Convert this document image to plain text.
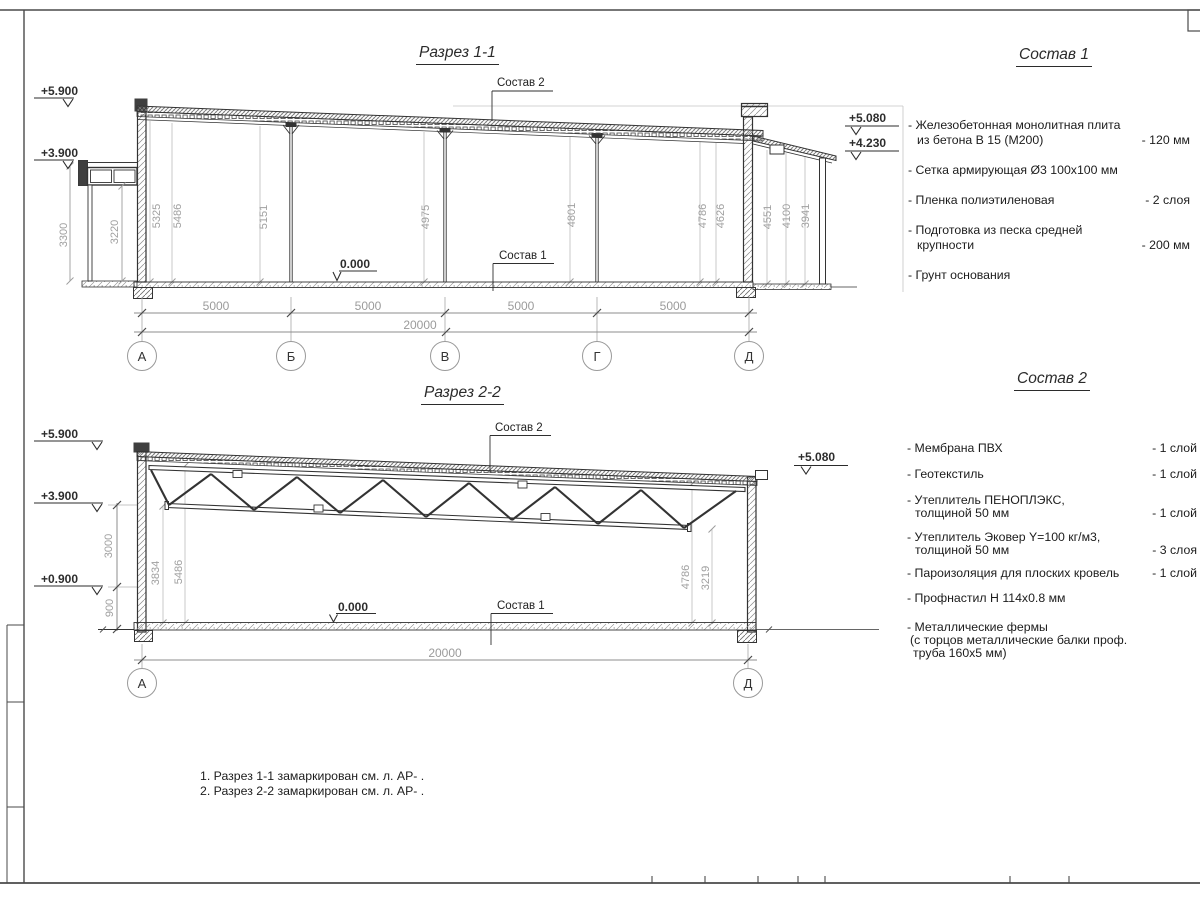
Разрез 1-1
+5.900
+3.900
+5.080
+4.230
Состав 2
Состав 1
0.000
3300	3220
5325 5486	5151	4975	4801	4786 4626	4551 4100 3941
5000	5000	5000	5000
20000
А	Б	В	Г	Д
Разрез 2-2
+5.900
+3.900
+0.900
+5.080
Состав 2
Состав 1
0.000
3000
900
3834 5486	4786 3219
20000
А	Д
Состав 1
- Железобетонная монолитная плита
из бетона В 15 (М200)	- 120 мм
- Сетка армирующая Ø3 100х100 мм
- Пленка полиэтиленовая	- 2 слоя
- Подготовка из песка средней
крупности	- 200 мм
- Грунт основания
Состав 2
- Мембрана ПВХ	- 1 слой
- Геотекстиль	- 1 слой
- Утеплитель ПЕНОПЛЭКС,
толщиной 50 мм	- 1 слой
- Утеплитель Эковер Y=100 кг/м3,
толщиной 50 мм	- 3 слоя
- Пароизоляция для плоских кровель	- 1 слой
- Профнастил Н 114х0.8 мм
- Металлические фермы
(с торцов металлические балки проф.
труба 160х5 мм)
1. Разрез 1-1 замаркирован см. л. АР- .
2. Разрез 2-2 замаркирован см. л. АР- .
